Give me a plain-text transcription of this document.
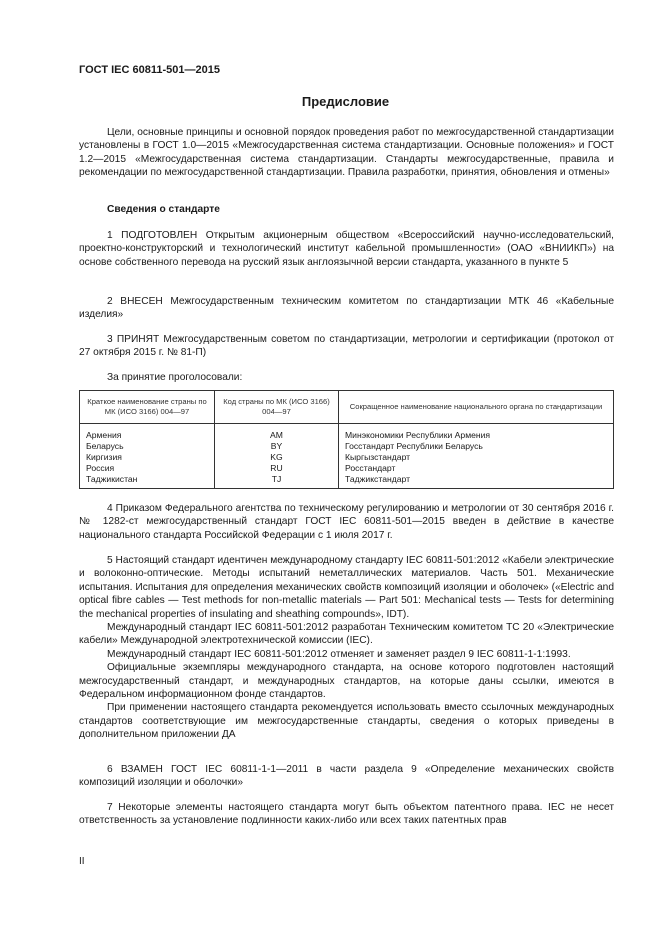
ГОСТ IEC 60811-501—2015
Предисловие

Цели, основные принципы и основной порядок проведения работ по межгосударственной стандартизации установлены в ГОСТ 1.0—2015 «Межгосударственная система стандартизации. Основные положения» и ГОСТ 1.2—2015 «Межгосударственная система стандартизации. Стандарты межгосударственные, правила и рекомендации по межгосударственной стандартизации. Правила разработки, принятия, обновления и отмены»

Сведения о стандарте

1 ПОДГОТОВЛЕН Открытым акционерным обществом «Всероссийский научно-исследовательский, проектно-конструкторский и технологический институт кабельной промышленности» (ОАО «ВНИИКП») на основе собственного перевода на русский язык англоязычной версии стандарта, указанного в пункте 5

2 ВНЕСЕН Межгосударственным техническим комитетом по стандартизации МТК 46 «Кабельные изделия»

3 ПРИНЯТ Межгосударственным советом по стандартизации, метрологии и сертификации (протокол от 27 октября 2015 г. № 81-П)

За принятие проголосовали:

Краткое наименование страны по МК (ИСО 3166) 004—97	Код страны по МК (ИСО 3166) 004—97	Сокращенное наименование национального органа по стандартизации
Армения	AM	Минэкономики Республики Армения
Беларусь	BY	Госстандарт Республики Беларусь
Киргизия	KG	Кыргызстандарт
Россия	RU	Росстандарт
Таджикистан	TJ	Таджикстандарт

4 Приказом Федерального агентства по техническому регулированию и метрологии от 30 сентября 2016 г. № 1282-ст межгосударственный стандарт ГОСТ IEC 60811-501—2015 введен в действие в качестве национального стандарта Российской Федерации с 1 июля 2017 г.

5 Настоящий стандарт идентичен международному стандарту IEC 60811-501:2012 «Кабели электрические и волоконно-оптические. Методы испытаний неметаллических материалов. Часть 501. Механические испытания. Испытания для определения механических свойств композиций изоляции и оболочек» («Electric and optical fibre cables — Test methods for non-metallic materials — Part 501: Mechanical tests — Tests for determining the mechanical properties of insulating and sheathing compounds», IDT).

Международный стандарт IEC 60811-501:2012 разработан Техническим комитетом TC 20 «Электрические кабели» Международной электротехнической комиссии (IEC).

Международный стандарт IEC 60811-501:2012 отменяет и заменяет раздел 9 IEC 60811-1-1:1993.

Официальные экземпляры международного стандарта, на основе которого подготовлен настоящий межгосударственный стандарт, и международных стандартов, на которые даны ссылки, имеются в Федеральном информационном фонде стандартов.

При применении настоящего стандарта рекомендуется использовать вместо ссылочных международных стандартов соответствующие им межгосударственные стандарты, сведения о которых приведены в дополнительном приложении ДА

6 ВЗАМЕН ГОСТ IEC 60811-1-1—2011 в части раздела 9 «Определение механических свойств композиций изоляции и оболочки»

7 Некоторые элементы настоящего стандарта могут быть объектом патентного права. IEC не несет ответственность за установление подлинности каких-либо или всех таких патентных прав

II
